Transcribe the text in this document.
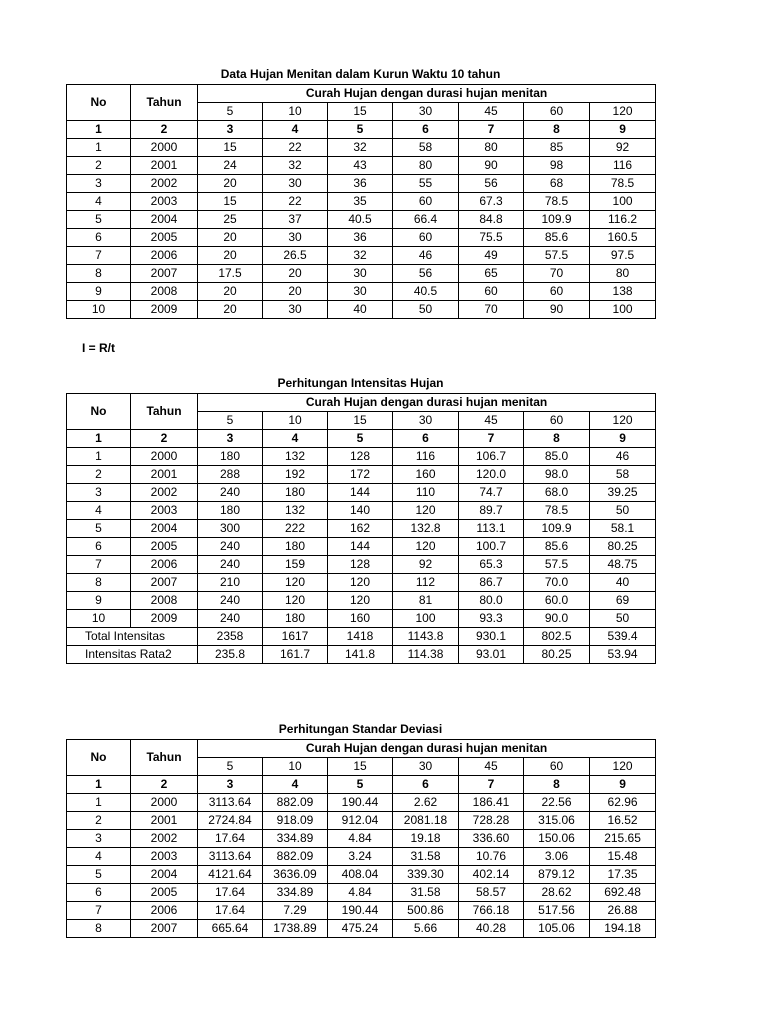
Data Hujan Menitan dalam Kurun Waktu 10 tahun
No	Tahun	Curah Hujan dengan durasi hujan menitan						
		5	10	15	30	45	60	120
1	2	3	4	5	6	7	8	9
1	2000	15	22	32	58	80	85	92
2	2001	24	32	43	80	90	98	116
3	2002	20	30	36	55	56	68	78.5
4	2003	15	22	35	60	67.3	78.5	100
5	2004	25	37	40.5	66.4	84.8	109.9	116.2
6	2005	20	30	36	60	75.5	85.6	160.5
7	2006	20	26.5	32	46	49	57.5	97.5
8	2007	17.5	20	30	56	65	70	80
9	2008	20	20	30	40.5	60	60	138
10	2009	20	30	40	50	70	90	100
I = R/t
Perhitungan Intensitas Hujan
No	Tahun	Curah Hujan dengan durasi hujan menitan						
		5	10	15	30	45	60	120
1	2	3	4	5	6	7	8	9
1	2000	180	132	128	116	106.7	85.0	46
2	2001	288	192	172	160	120.0	98.0	58
3	2002	240	180	144	110	74.7	68.0	39.25
4	2003	180	132	140	120	89.7	78.5	50
5	2004	300	222	162	132.8	113.1	109.9	58.1
6	2005	240	180	144	120	100.7	85.6	80.25
7	2006	240	159	128	92	65.3	57.5	48.75
8	2007	210	120	120	112	86.7	70.0	40
9	2008	240	120	120	81	80.0	60.0	69
10	2009	240	180	160	100	93.3	90.0	50
Total Intensitas		2358	1617	1418	1143.8	930.1	802.5	539.4
Intensitas Rata2		235.8	161.7	141.8	114.38	93.01	80.25	53.94
Perhitungan Standar Deviasi
No	Tahun	Curah Hujan dengan durasi hujan menitan						
		5	10	15	30	45	60	120
1	2	3	4	5	6	7	8	9
1	2000	3113.64	882.09	190.44	2.62	186.41	22.56	62.96
2	2001	2724.84	918.09	912.04	2081.18	728.28	315.06	16.52
3	2002	17.64	334.89	4.84	19.18	336.60	150.06	215.65
4	2003	3113.64	882.09	3.24	31.58	10.76	3.06	15.48
5	2004	4121.64	3636.09	408.04	339.30	402.14	879.12	17.35
6	2005	17.64	334.89	4.84	31.58	58.57	28.62	692.48
7	2006	17.64	7.29	190.44	500.86	766.18	517.56	26.88
8	2007	665.64	1738.89	475.24	5.66	40.28	105.06	194.18
